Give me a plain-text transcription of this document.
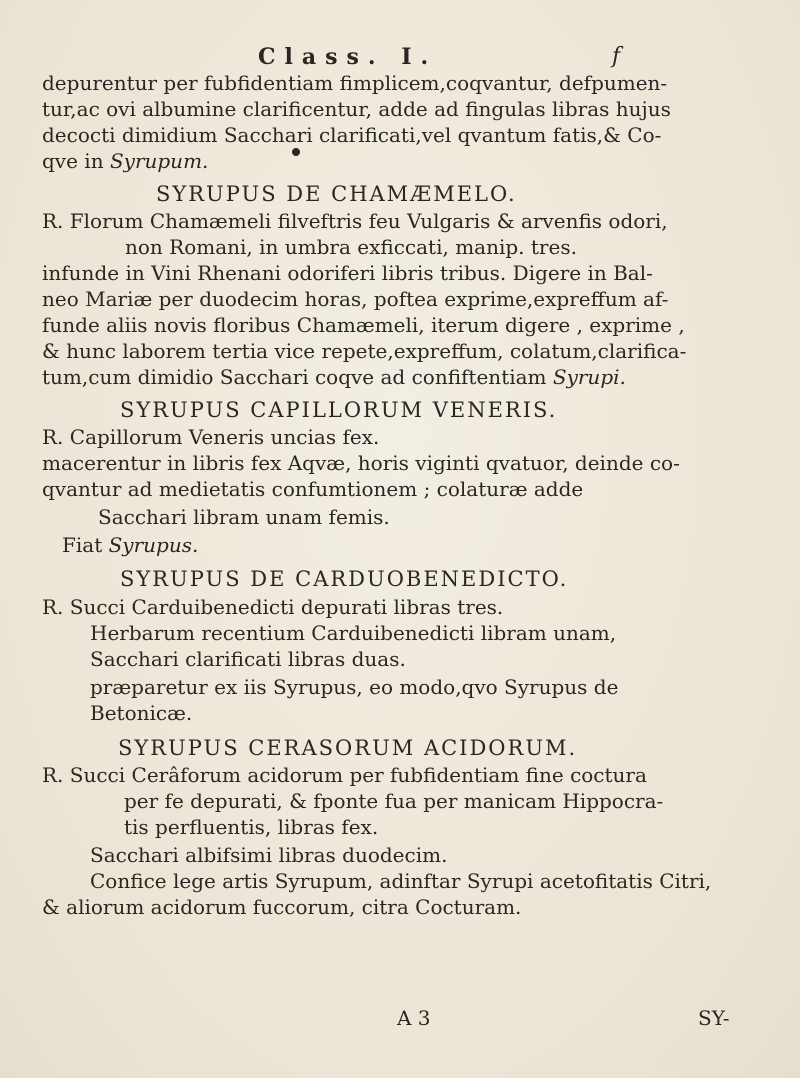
Class. I.	f
depurentur per fubfidentiam fimplicem,coqvantur, defpumen-
tur,ac ovi albumine clarificentur, adde ad fingulas libras hujus
decocti dimidium Sacchari clarificati,vel qvantum fatis,& Co-
qve in Syrupum.
SYRUPUS DE CHAMÆMELO.
R. Florum Chamæmeli filveftris feu Vulgaris & arvenfis odori,
non Romani, in umbra exficcati, manip. tres.
infunde in Vini Rhenani odoriferi libris tribus. Digere in Bal-
neo Mariæ per duodecim horas, poftea exprime,expreffum af-
funde aliis novis floribus Chamæmeli, iterum digere , exprime ,
& hunc laborem tertia vice repete,expreffum, colatum,clarifica-
tum,cum dimidio Sacchari coqve ad confiftentiam Syrupi.
SYRUPUS CAPILLORUM VENERIS.
R. Capillorum Veneris uncias fex.
macerentur in libris fex Aqvæ, horis viginti qvatuor, deinde co-
qvantur ad medietatis confumtionem ; colaturæ adde
Sacchari libram unam femis.
Fiat Syrupus.
SYRUPUS DE CARDUOBENEDICTO.
R. Succi Carduibenedicti depurati libras tres.
Herbarum recentium Carduibenedicti libram unam,
Sacchari clarificati libras duas.
præparetur ex iis Syrupus, eo modo,qvo Syrupus de
Betonicæ.
SYRUPUS CERASORUM ACIDORUM.
R. Succi Cerâforum acidorum per fubfidentiam fine coctura
per fe depurati, & fponte fua per manicam Hippocra-
tis perfluentis, libras fex.
Sacchari albifsimi libras duodecim.
Confice lege artis Syrupum, adinftar Syrupi acetofitatis Citri,
& aliorum acidorum fuccorum, citra Cocturam.
A 3	SY-
